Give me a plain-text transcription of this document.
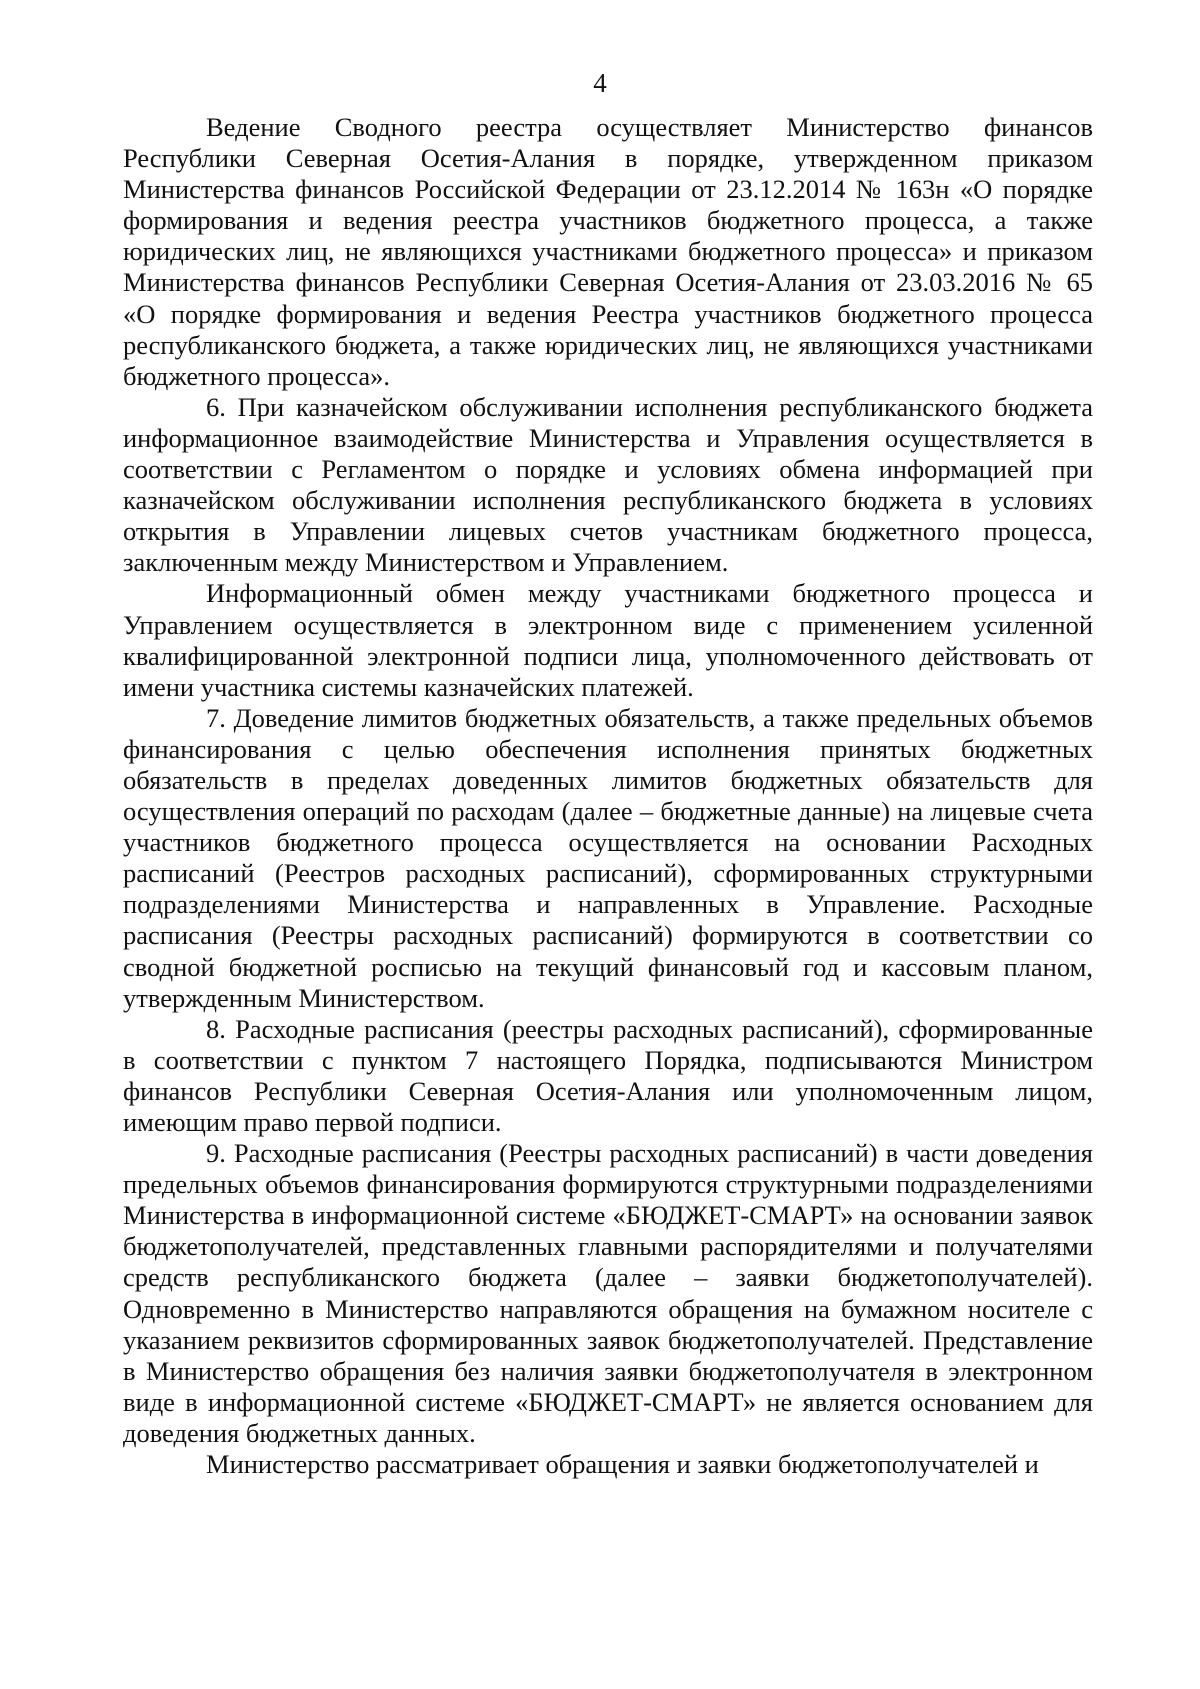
4

Ведение Сводного реестра осуществляет Министерство финансов Республики Северная Осетия-Алания в порядке, утвержденном приказом Министерства финансов Российской Федерации от 23.12.2014 № 163н «О порядке формирования и ведения реестра участников бюджетного процесса, а также юридических лиц, не являющихся участниками бюджетного процесса» и приказом Министерства финансов Республики Северная Осетия-Алания от 23.03.2016 № 65 «О порядке формирования и ведения Реестра участников бюджетного процесса республиканского бюджета, а также юридических лиц, не являющихся участниками бюджетного процесса».

6. При казначейском обслуживании исполнения республиканского бюджета информационное взаимодействие Министерства и Управления осуществляется в соответствии с Регламентом о порядке и условиях обмена информацией при казначейском обслуживании исполнения республиканского бюджета в условиях открытия в Управлении лицевых счетов участникам бюджетного процесса, заключенным между Министерством и Управлением.

Информационный обмен между участниками бюджетного процесса и Управлением осуществляется в электронном виде с применением усиленной квалифицированной электронной подписи лица, уполномоченного действовать от имени участника системы казначейских платежей.

7. Доведение лимитов бюджетных обязательств, а также предельных объемов финансирования с целью обеспечения исполнения принятых бюджетных обязательств в пределах доведенных лимитов бюджетных обязательств для осуществления операций по расходам (далее – бюджетные данные) на лицевые счета участников бюджетного процесса осуществляется на основании Расходных расписаний (Реестров расходных расписаний), сформированных структурными подразделениями Министерства и направленных в Управление. Расходные расписания (Реестры расходных расписаний) формируются в соответствии со сводной бюджетной росписью на текущий финансовый год и кассовым планом, утвержденным Министерством.

8. Расходные расписания (реестры расходных расписаний), сформированные в соответствии с пунктом 7 настоящего Порядка, подписываются Министром финансов Республики Северная Осетия-Алания или уполномоченным лицом, имеющим право первой подписи.

9. Расходные расписания (Реестры расходных расписаний) в части доведения предельных объемов финансирования формируются структурными подразделениями Министерства в информационной системе «БЮДЖЕТ-СМАРТ» на основании заявок бюджетополучателей, представленных главными распорядителями и получателями средств республиканского бюджета (далее – заявки бюджетополучателей). Одновременно в Министерство направляются обращения на бумажном носителе с указанием реквизитов сформированных заявок бюджетополучателей. Представление в Министерство обращения без наличия заявки бюджетополучателя в электронном виде в информационной системе «БЮДЖЕТ-СМАРТ» не является основанием для доведения бюджетных данных.

Министерство рассматривает обращения и заявки бюджетополучателей и
